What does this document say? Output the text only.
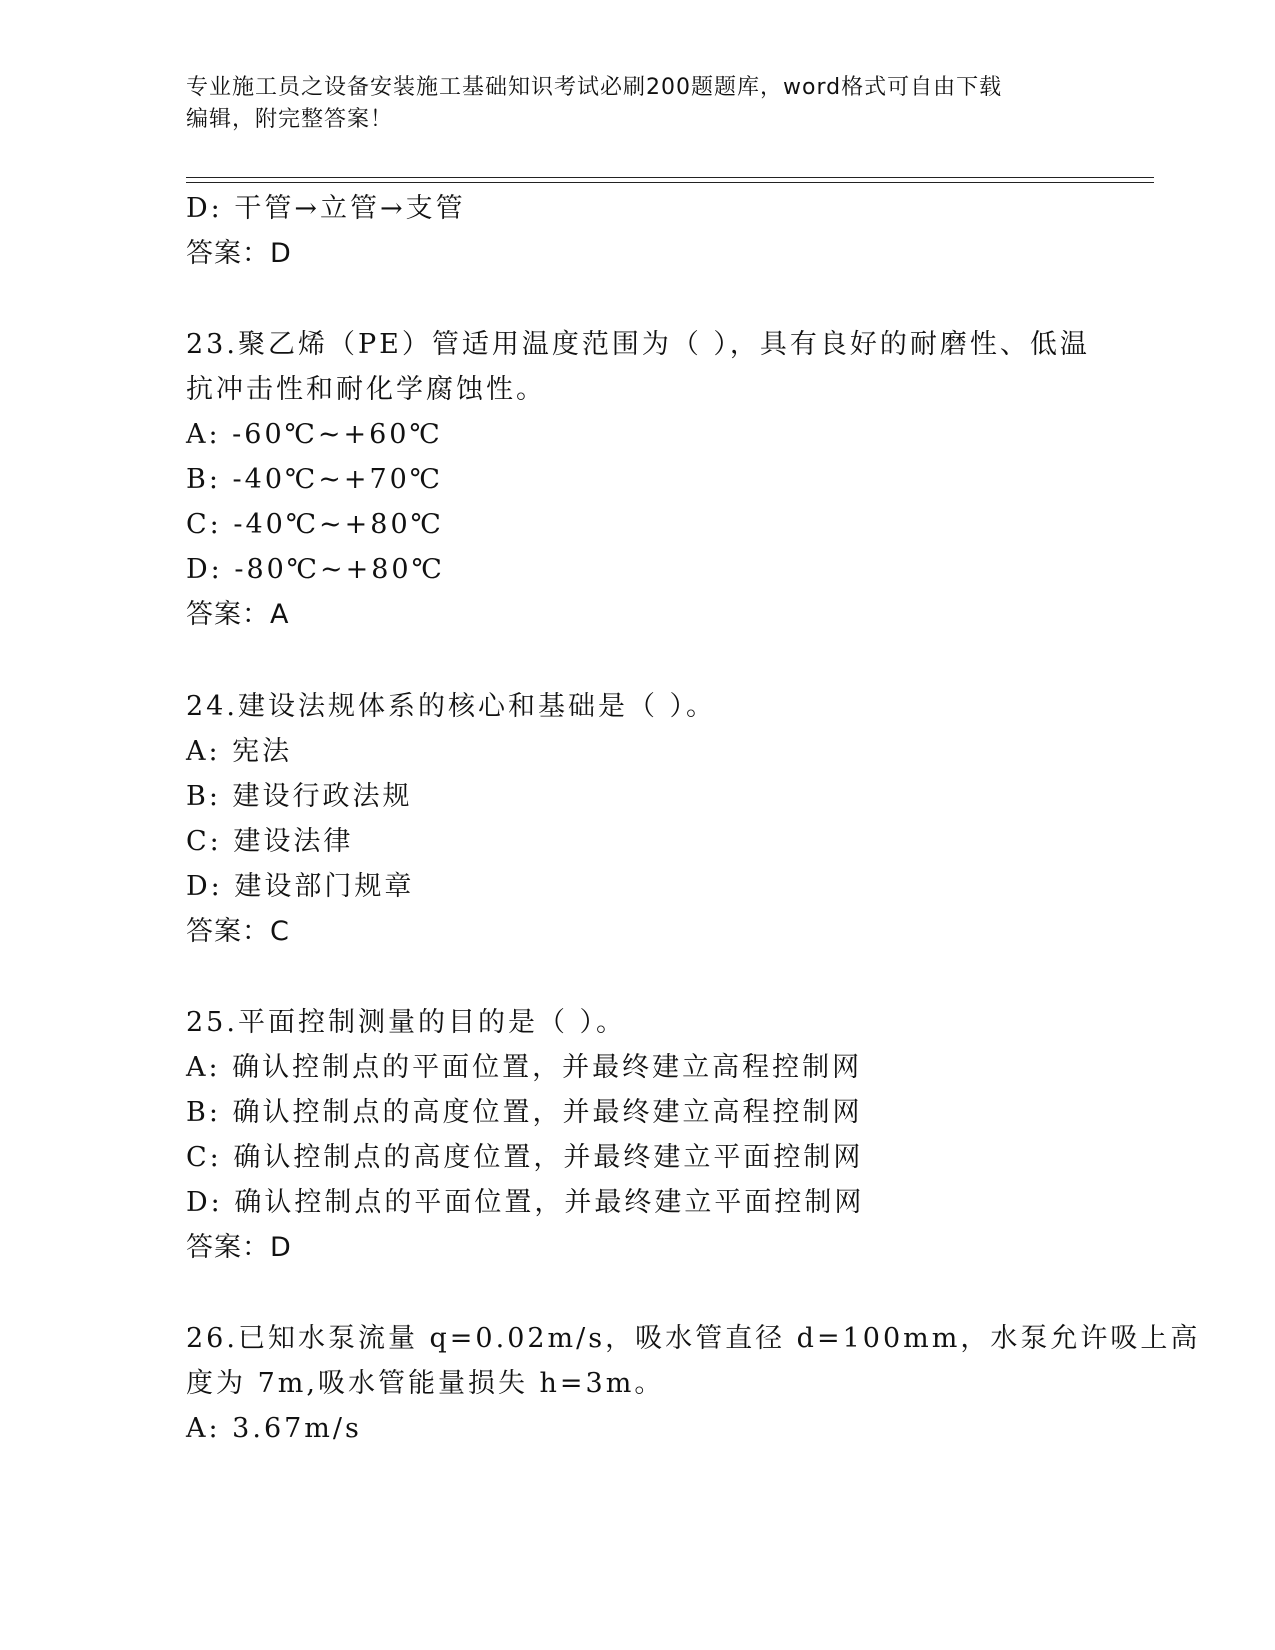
专业施工员之设备安装施工基础知识考试必刷200题题库，word格式可自由下载
编辑，附完整答案！
D: 干管→立管→支管
答案：D
23.聚乙烯（PE）管适用温度范围为（ ），具有良好的耐磨性、低温
抗冲击性和耐化学腐蚀性。
A: -60℃~+60℃
B: -40℃~+70℃
C: -40℃~+80℃
D: -80℃~+80℃
答案：A
24.建设法规体系的核心和基础是（ ）。
A: 宪法
B: 建设行政法规
C: 建设法律
D: 建设部门规章
答案：C
25.平面控制测量的目的是（ ）。
A: 确认控制点的平面位置，并最终建立高程控制网
B: 确认控制点的高度位置，并最终建立高程控制网
C: 确认控制点的高度位置，并最终建立平面控制网
D: 确认控制点的平面位置，并最终建立平面控制网
答案：D
26.已知水泵流量 q=0.02m/s，吸水管直径 d=100mm，水泵允许吸上高
度为 7m,吸水管能量损失 h=3m。
A: 3.67m/s
